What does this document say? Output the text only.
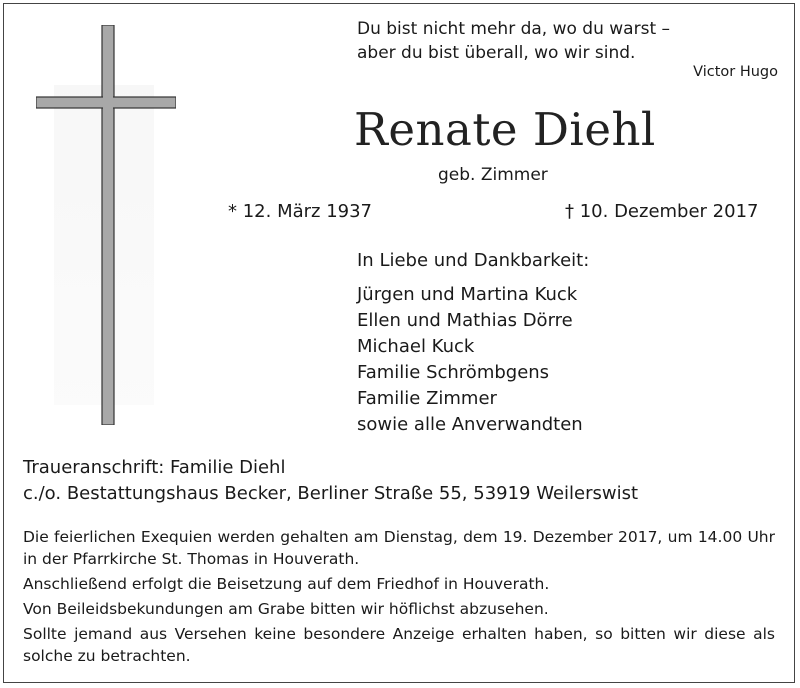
Du bist nicht mehr da, wo du warst –
aber du bist überall, wo wir sind.
Victor Hugo
Renate Diehl
geb. Zimmer
* 12. März 1937	† 10. Dezember 2017
In Liebe und Dankbarkeit:
Jürgen und Martina Kuck
Ellen und Mathias Dörre
Michael Kuck
Familie Schrömbgens
Familie Zimmer
sowie alle Anverwandten
Traueranschrift: Familie Diehl
c./o. Bestattungshaus Becker, Berliner Straße 55, 53919 Weilerswist

Die feierlichen Exequien werden gehalten am Dienstag, dem 19. Dezember 2017, um 14.00 Uhr in der Pfarrkirche St. Thomas in Houverath.

Anschließend erfolgt die Beisetzung auf dem Friedhof in Houverath.

Von Beileidsbekundungen am Grabe bitten wir höflichst abzusehen.

Sollte jemand aus Versehen keine besondere Anzeige erhalten haben, so bitten wir diese als solche zu betrachten.
